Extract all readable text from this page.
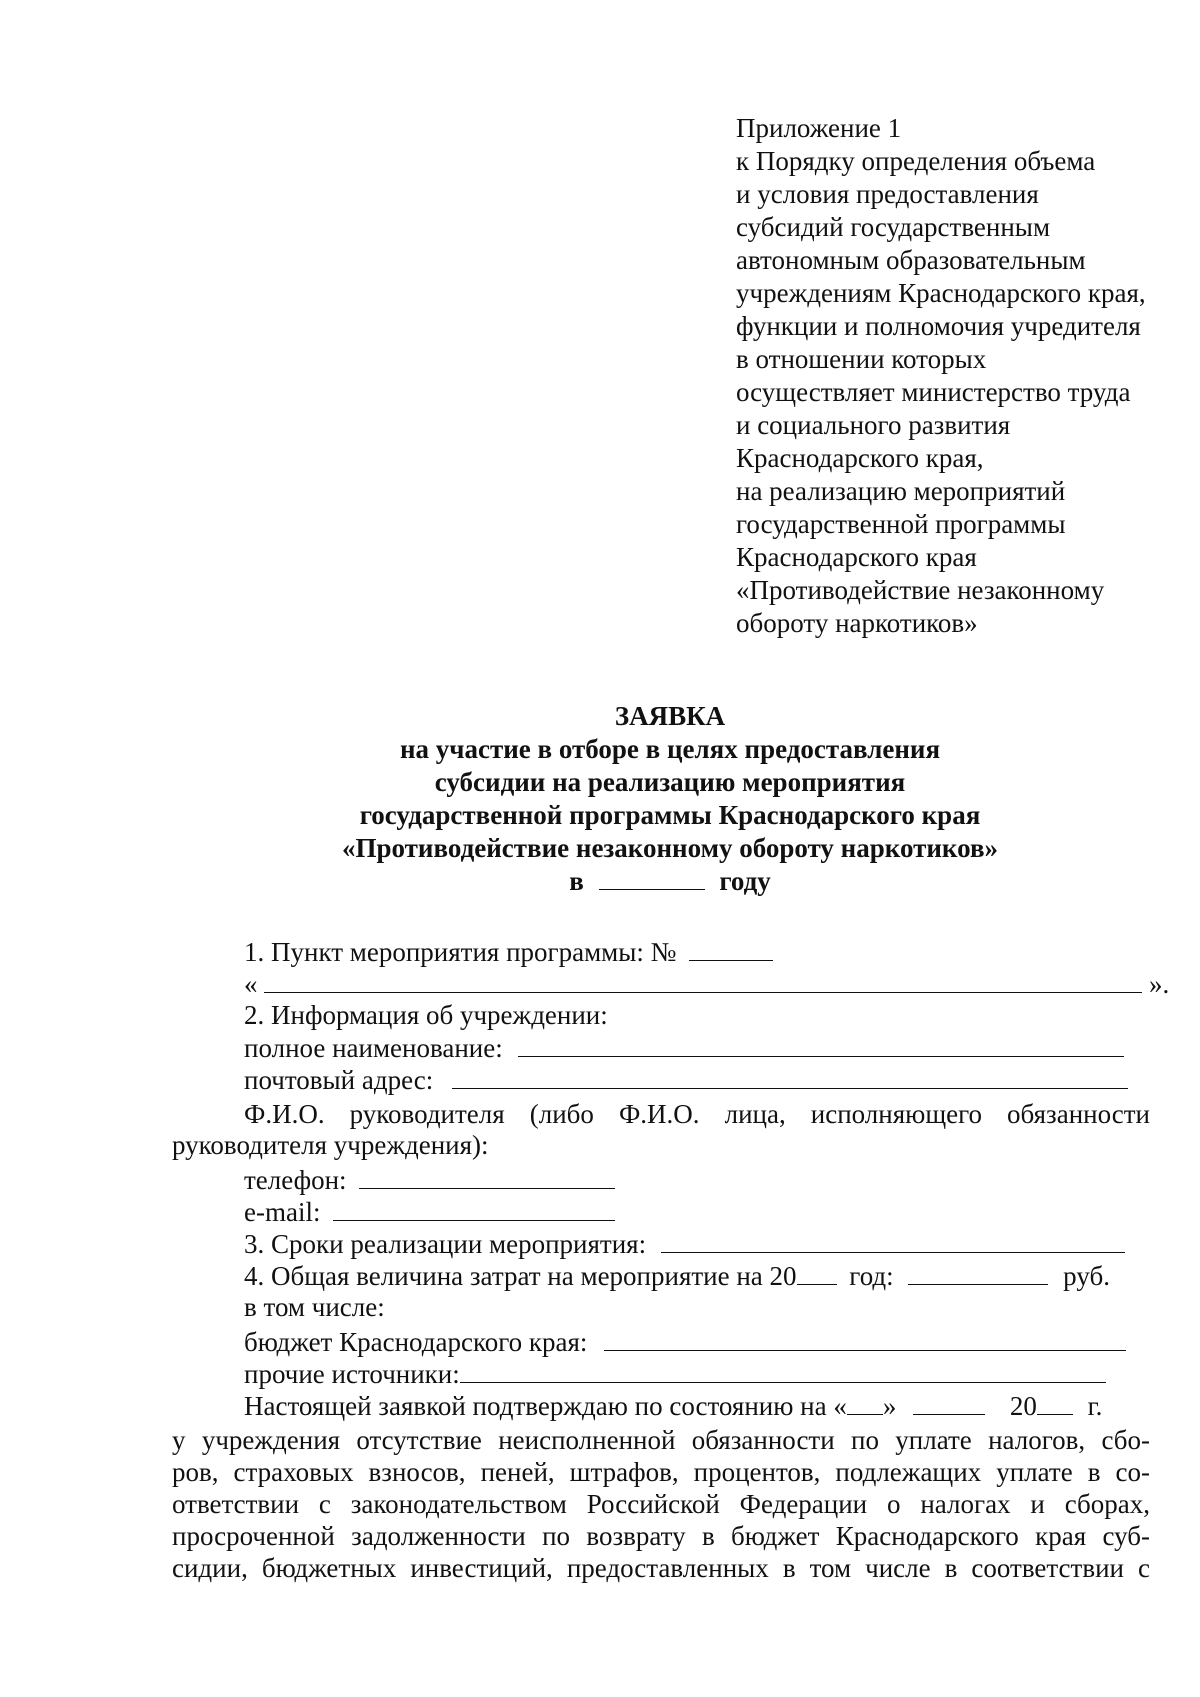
Приложение 1
к Порядку определения объема
и условия предоставления
субсидий государственным
автономным образовательным
учреждениям Краснодарского края,
функции и полномочия учредителя
в отношении которых
осуществляет министерство труда
и социального развития
Краснодарского края,
на реализацию мероприятий
государственной программы
Краснодарского края
«Противодействие незаконному
обороту наркотиков»
ЗАЯВКА
на участие в отборе в целях предоставления
субсидии на реализацию мероприятия
государственной программы Краснодарского края
«Противодействие незаконному обороту наркотиков»
в	году
1. Пункт мероприятия программы: №
«	».
2. Информация об учреждении:
полное наименование:
почтовый адрес:
Ф.И.О. руководителя (либо Ф.И.О. лица, исполняющего обязанности
руководителя учреждения):
телефон:
e-mail:
3. Сроки реализации мероприятия:
4. Общая величина затрат на мероприятие на 20 год:	руб.
в том числе:
бюджет Краснодарского края:
прочие источники:
Настоящей заявкой подтверждаю по состоянию на « »	20 г.
у учреждения отсутствие неисполненной обязанности по уплате налогов, сбо-
ров, страховых взносов, пеней, штрафов, процентов, подлежащих уплате в со-
ответствии с законодательством Российской Федерации о налогах и сборах,
просроченной задолженности по возврату в бюджет Краснодарского края суб-
сидии, бюджетных инвестиций, предоставленных в том числе в соответствии с
